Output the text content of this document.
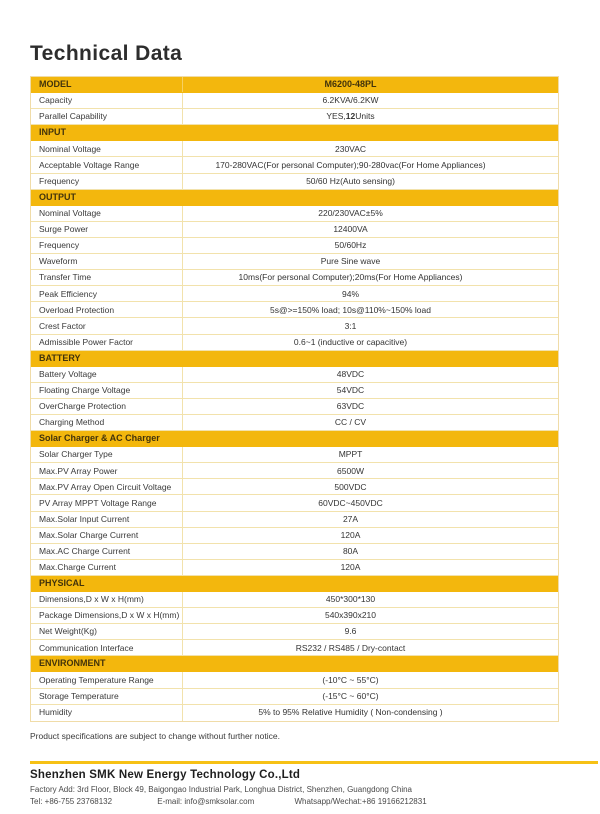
Technical Data
MODEL	M6200-48PL
Capacity	6.2KVA/6.2KW
Parallel Capability	YES, 12 Units
INPUT
Nominal Voltage	230VAC
Acceptable Voltage Range	170-280VAC(For personal Computer);90-280vac(For Home Appliances)
Frequency	50/60 Hz(Auto sensing)
OUTPUT
Nominal Voltage	220/230VAC±5%
Surge Power	12400VA
Frequency	50/60Hz
Waveform	Pure Sine wave
Transfer Time	10ms(For personal Computer);20ms(For Home Appliances)
Peak Efficiency	94%
Overload Protection	5s@>=150% load; 10s@110%~150% load
Crest Factor	3:1
Admissible Power Factor	0.6~1 (inductive or capacitive)
BATTERY
Battery Voltage	48VDC
Floating Charge Voltage	54VDC
OverCharge Protection	63VDC
Charging Method	CC / CV
Solar Charger & AC Charger
Solar Charger Type	MPPT
Max.PV Array Power	6500W
Max.PV Array Open Circuit Voltage	500VDC
PV Array MPPT Voltage Range	60VDC~450VDC
Max.Solar Input Current	27A
Max.Solar Charge Current	120A
Max.AC Charge Current	80A
Max.Charge Current	120A
PHYSICAL
Dimensions,D x W x H(mm)	450*300*130
Package Dimensions,D x W x H(mm)	540x390x210
Net Weight(Kg)	9.6
Communication Interface	RS232 / RS485 / Dry-contact
ENVIRONMENT
Operating Temperature Range	(-10°C ~ 55°C)
Storage Temperature	(-15°C ~ 60°C)
Humidity	5% to 95% Relative Humidity ( Non-condensing )
Product specifications are subject to change without further notice.
Shenzhen SMK New Energy Technology Co.,Ltd
Factory Add: 3rd Floor, Block 49, Baigongao Industrial Park, Longhua District, Shenzhen, Guangdong China
Tel: +86-755 23768132	E-mail: info@smksolar.com	Whatsapp/Wechat:+86 19166212831
